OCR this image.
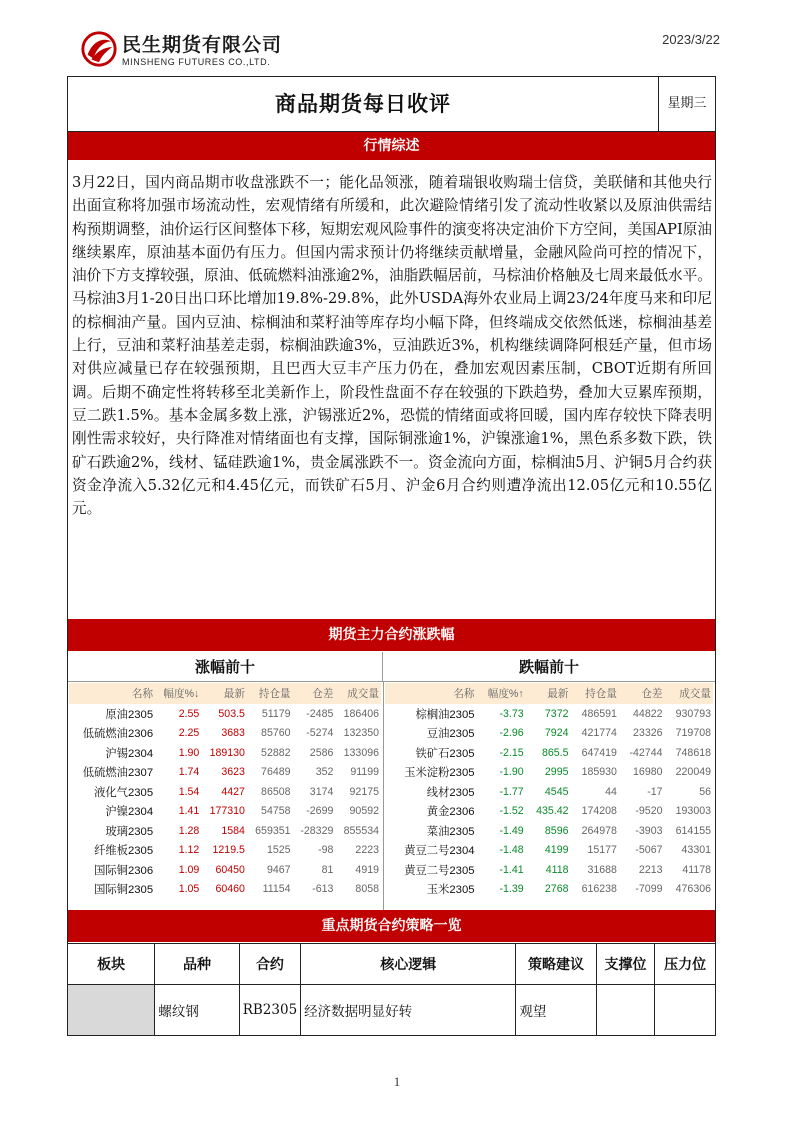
民生期货有限公司
MINSHENG FUTURES CO.,LTD.
2023/3/22
商品期货每日收评	星期三
行情综述
3月22日，国内商品期市收盘涨跌不一；能化品领涨，随着瑞银收购瑞士信贷，美联储和其他央行出面宣称将加强市场流动性，宏观情绪有所缓和，此次避险情绪引发了流动性收紧以及原油供需结构预期调整，油价运行区间整体下移，短期宏观风险事件的演变将决定油价下方空间，美国API原油继续累库，原油基本面仍有压力。但国内需求预计仍将继续贡献增量，金融风险尚可控的情况下，油价下方支撑较强，原油、低硫燃料油涨逾2%，油脂跌幅居前，马棕油价格触及七周来最低水平。马棕油3月1-20日出口环比增加19.8%-29.8%，此外USDA海外农业局上调23/24年度马来和印尼的棕榈油产量。国内豆油、棕榈油和菜籽油等库存均小幅下降，但终端成交依然低迷，棕榈油基差上行，豆油和菜籽油基差走弱，棕榈油跌逾3%，豆油跌近3%，机构继续调降阿根廷产量，但市场对供应减量已存在较强预期，且巴西大豆丰产压力仍在，叠加宏观因素压制，CBOT近期有所回调。后期不确定性将转移至北美新作上，阶段性盘面不存在较强的下跌趋势，叠加大豆累库预期，豆二跌1.5%。基本金属多数上涨，沪锡涨近2%，恐慌的情绪面或将回暖，国内库存较快下降表明刚性需求较好，央行降准对情绪面也有支撑，国际铜涨逾1%，沪镍涨逾1%，黑色系多数下跌，铁矿石跌逾2%，线材、锰硅跌逾1%，贵金属涨跌不一。资金流向方面，棕榈油5月、沪铜5月合约获资金净流入5.32亿元和4.45亿元，而铁矿石5月、沪金6月合约则遭净流出12.05亿元和10.55亿元。
期货主力合约涨跌幅
涨幅前十	跌幅前十
名称	幅度%↓	最新	持仓量	仓差	成交量
原油2305	2.55	503.5	51179	-2485	186406
低硫燃油2306	2.25	3683	85760	-5274	132350
沪锡2304	1.90	189130	52882	2586	133096
低硫燃油2307	1.74	3623	76489	352	91199
液化气2305	1.54	4427	86508	3174	92175
沪镍2304	1.41	177310	54758	-2699	90592
玻璃2305	1.28	1584	659351	-28329	855534
纤维板2305	1.12	1219.5	1525	-98	2223
国际铜2306	1.09	60450	9467	81	4919
国际铜2305	1.05	60460	11154	-613	8058
名称	幅度%↑	最新	持仓量	仓差	成交量
棕榈油2305	-3.73	7372	486591	44822	930793
豆油2305	-2.96	7924	421774	23326	719708
铁矿石2305	-2.15	865.5	647419	-42744	748618
玉米淀粉2305	-1.90	2995	185930	16980	220049
线材2305	-1.77	4545	44	-17	56
黄金2306	-1.52	435.42	174208	-9520	193003
菜油2305	-1.49	8596	264978	-3903	614155
黄豆二号2304	-1.48	4199	15177	-5067	43301
黄豆二号2305	-1.41	4118	31688	2213	41178
玉米2305	-1.39	2768	616238	-7099	476306
重点期货合约策略一览
板块	品种	合约	核心逻辑	策略建议	支撑位	压力位
	螺纹钢	RB2305	经济数据明显好转	观望		
1
